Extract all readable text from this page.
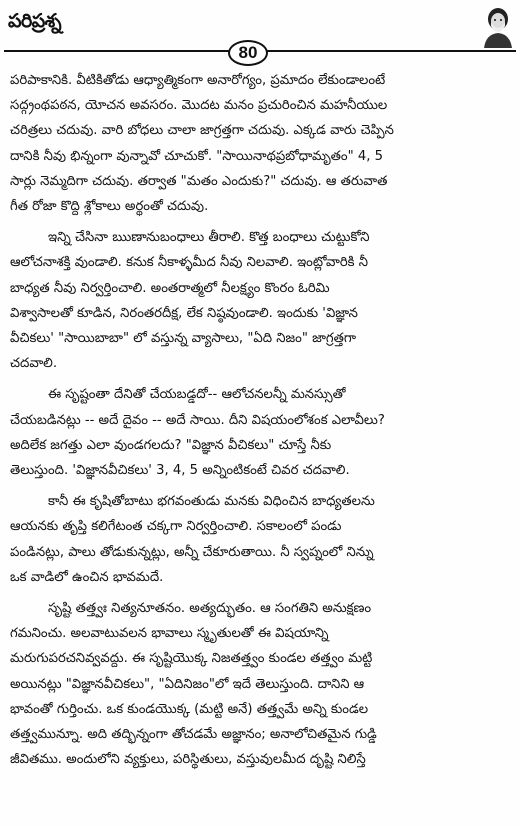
పరిప్రశ్న
80
పరిపాకానికి. వీటికితోడు ఆధ్యాత్మికంగా అనారోగ్యం, ప్రమాదం లేకుండాలంటే
సద్గ్రంథపఠన, యోచన అవసరం. మొదట మనం ప్రచురించిన మహనీయుల
చరిత్రలు చదువు. వారి బోధలు చాలా జాగ్రత్తగా చదువు. ఎక్కడ వారు చెప్పిన
దానికి నీవు భిన్నంగా వున్నావో చూచుకో. "సాయినాథప్రబోధామృతం" 4, 5
సార్లు నెమ్మదిగా చదువు. తర్వాత "మతం ఎందుకు?" చదువు. ఆ తరువాత
గీత రోజా కొద్ది శ్లోకాలు అర్థంతో చదువు.
ఇన్ని చేసినా ఋణానుబంధాలు తీరాలి. కొత్త బంధాలు చుట్టుకోని
ఆలోచనాశక్తి వుండాలి. కనుక నీకాళ్ళమీద నీవు నిలవాలి. ఇంట్లోవారికి నీ
బాధ్యత నీవు నిర్వర్తించాలి. అంతరాత్మలో నీలక్ష్యం కొంరం ఓరిమి
విశ్వాసాలతో కూడిన, నిరంతరదీక్ష, లేక నిష్ఠవుండాలి. ఇందుకు 'విజ్ఞాన
వీచికలు' "సాయిబాబా" లో వస్తున్న వ్యాసాలు, "ఏది నిజం" జాగ్రత్తగా
చదవాలి.
ఈ సృష్టంతా దేనితో చేయబడ్డదో-- ఆలోచనలన్నీ మనస్సుతో
చేయబడినట్లు -- అదే దైవం -- అదే సాయి. దీని విషయంలోశంక ఎలావీలు?
అదిలేక జగత్తు ఎలా వుండగలదు? "విజ్ఞాన వీచికలు" చూస్తే నీకు
తెలుస్తుంది. 'విజ్ఞానవీచికలు' 3, 4, 5 అన్నింటికంటే చివర చదవాలి.
కానీ ఈ కృషితోబాటు భగవంతుడు మనకు విధించిన బాధ్యతలను
ఆయనకు తృప్తి కలిగేటంత చక్కగా నిర్వర్తించాలి. సకాలంలో పండు
పండినట్లు, పాలు తోడుకున్నట్లు, అన్నీ చేకూరుతాయి. నీ స్వప్నంలో నిన్ను
ఒక వాడిలో ఉంచిన భావమదే.
సృష్టి తత్త్వః నిత్యనూతనం. అత్యద్భుతం. ఆ సంగతిని అనుక్షణం
గమనించు. అలవాటువలన భావాలు స్మృతులతో ఈ విషయాన్ని
మరుగుపరచనివ్వవద్దు. ఈ సృష్టియొక్క నిజతత్త్వం కుండల తత్త్వం మట్టి
అయినట్లు "విజ్ఞానవీచికలు", "ఏదినిజం"లో ఇదే తెలుస్తుంది. దానిని ఆ
భావంతో గుర్తించు. ఒక కుండయొక్క (మట్టి అనే) తత్త్వమే అన్ని కుండల
తత్త్వమున్నూ. అది తద్భిన్నంగా తోచడమే అజ్ఞానం; అనాలోచితమైన గుడ్డి
జీవితము. అందులోని వ్యక్తులు, పరిస్థితులు, వస్తువులమీద దృష్టి నిలిస్తే
